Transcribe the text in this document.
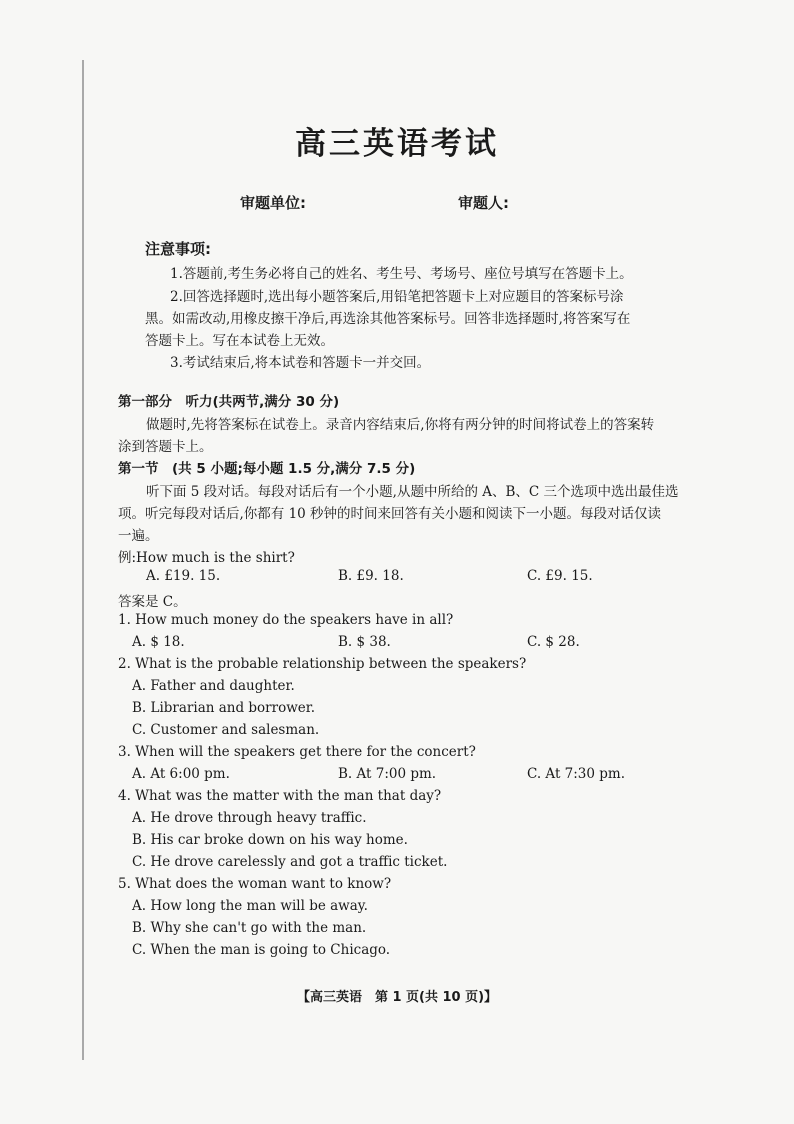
高三英语考试
审题单位:	审题人:
注意事项:
1.答题前,考生务必将自己的姓名、考生号、考场号、座位号填写在答题卡上。
2.回答选择题时,选出每小题答案后,用铅笔把答题卡上对应题目的答案标号涂
黑。如需改动,用橡皮擦干净后,再选涂其他答案标号。回答非选择题时,将答案写在
答题卡上。写在本试卷上无效。
3.考试结束后,将本试卷和答题卡一并交回。
第一部分　听力(共两节,满分 30 分)
做题时,先将答案标在试卷上。录音内容结束后,你将有两分钟的时间将试卷上的答案转
涂到答题卡上。
第一节　(共 5 小题;每小题 1.5 分,满分 7.5 分)
听下面 5 段对话。每段对话后有一个小题,从题中所给的 A、B、C 三个选项中选出最佳选
项。听完每段对话后,你都有 10 秒钟的时间来回答有关小题和阅读下一小题。每段对话仅读
一遍。
例:How much is the shirt?
A. £19. 15.	B. £9. 18.	C. £9. 15.
答案是 C。
1. How much money do the speakers have in all?
A. $ 18.	B. $ 38.	C. $ 28.
2. What is the probable relationship between the speakers?
A. Father and daughter.
B. Librarian and borrower.
C. Customer and salesman.
3. When will the speakers get there for the concert?
A. At 6:00 pm.	B. At 7:00 pm.	C. At 7:30 pm.
4. What was the matter with the man that day?
A. He drove through heavy traffic.
B. His car broke down on his way home.
C. He drove carelessly and got a traffic ticket.
5. What does the woman want to know?
A. How long the man will be away.
B. Why she can't go with the man.
C. When the man is going to Chicago.
【高三英语　第 1 页(共 10 页)】
